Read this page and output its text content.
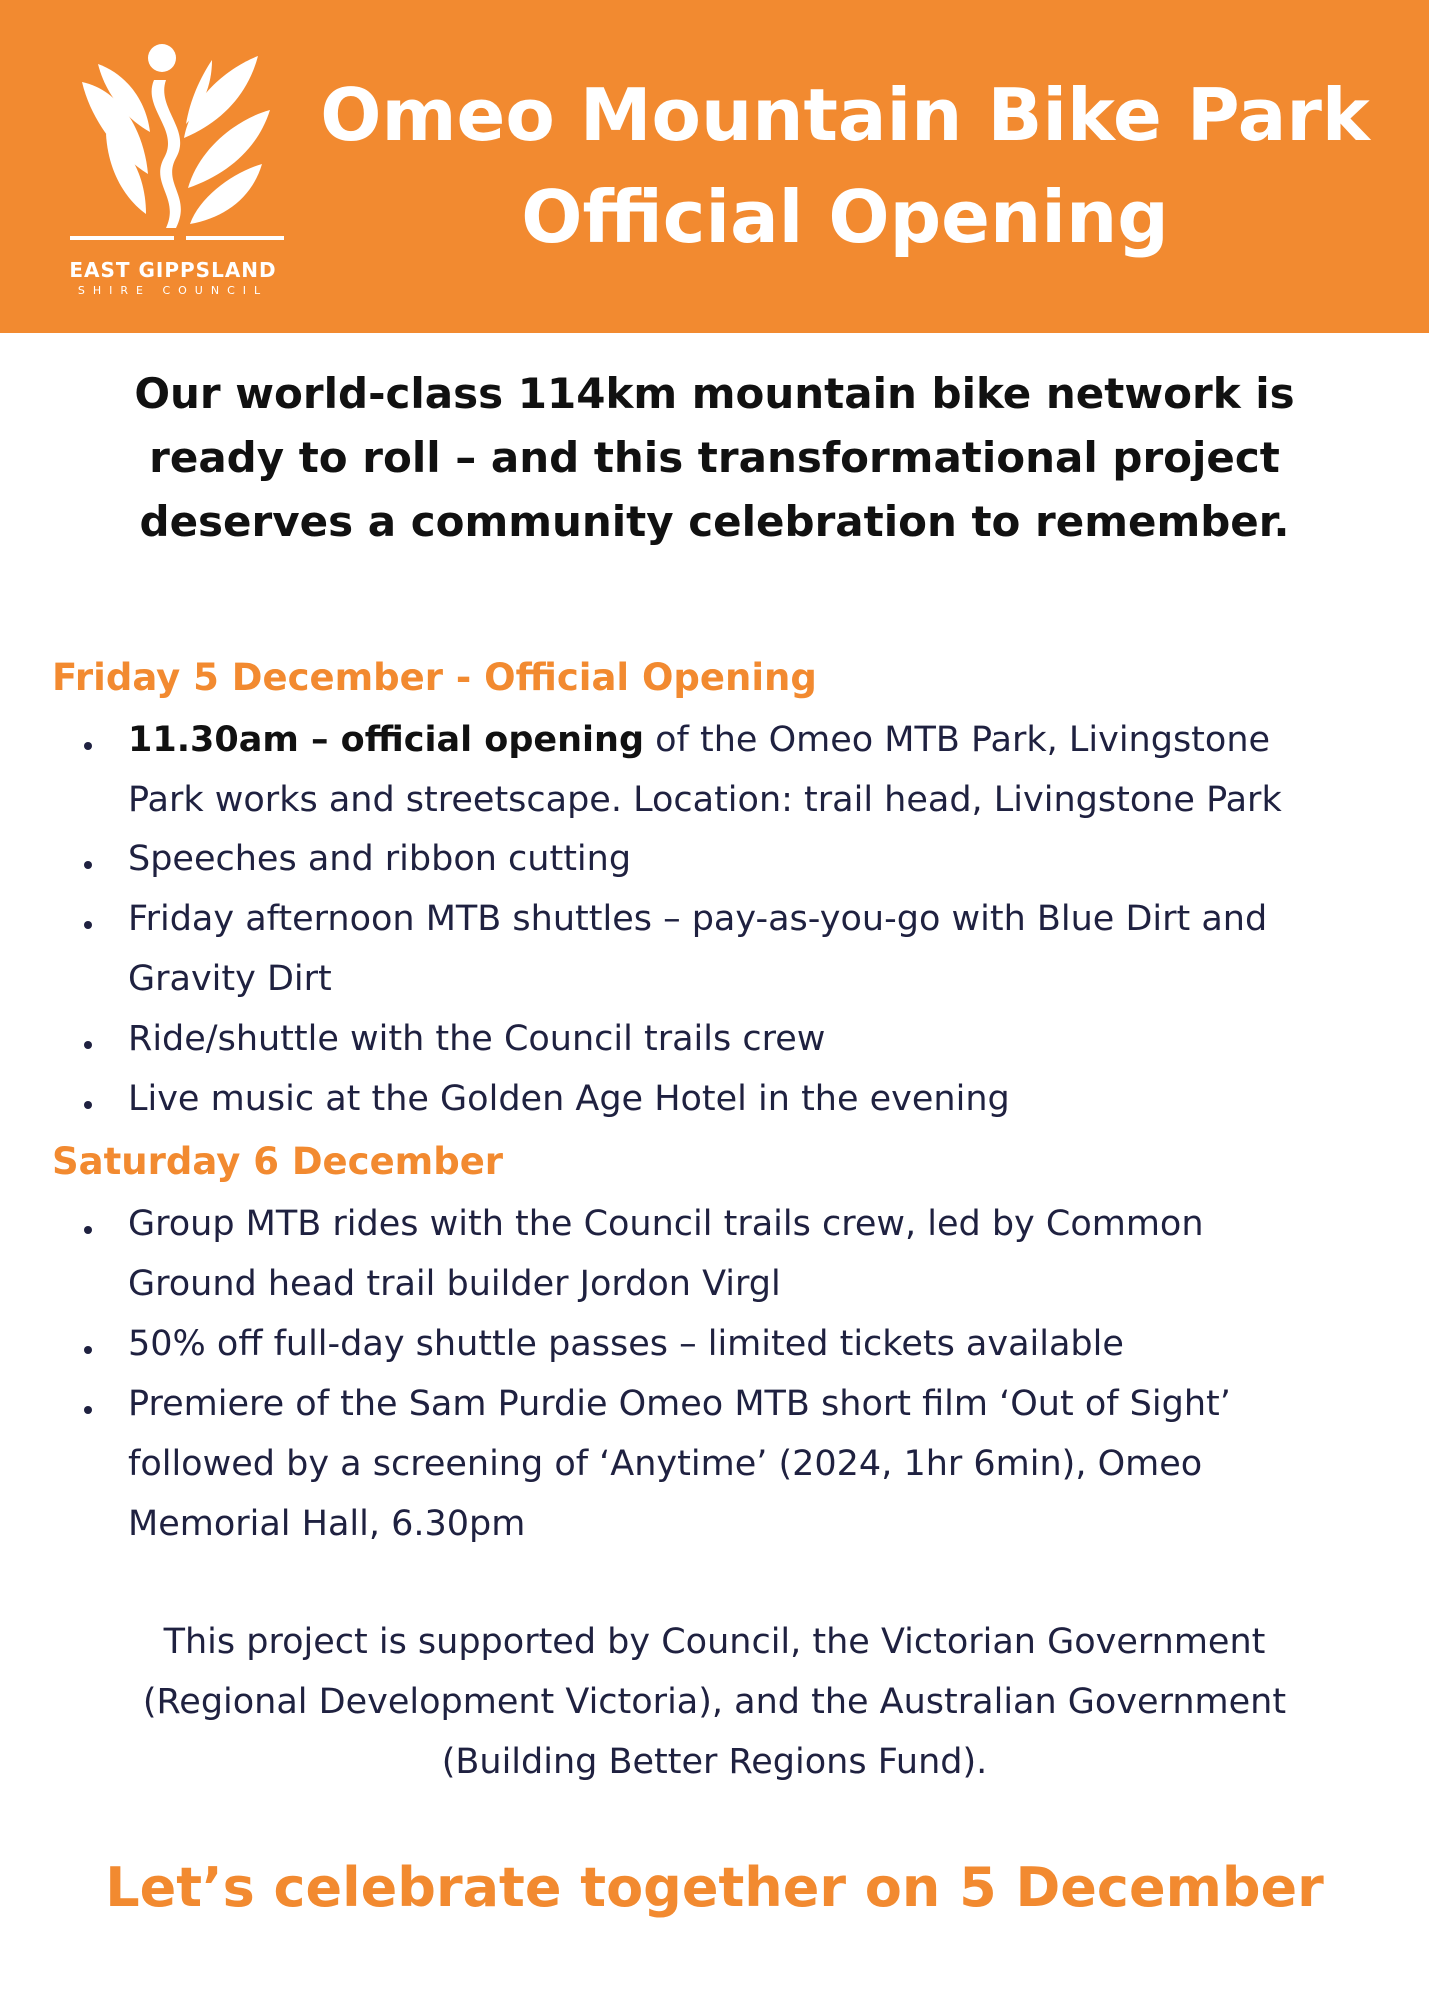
EAST GIPPSLAND
SHIRE COUNCIL
Omeo Mountain Bike Park
Official Opening
Our world-class 114km mountain bike network is
ready to roll – and this transformational project
deserves a community celebration to remember.
Friday 5 December - Official Opening
11.30am – official opening of the Omeo MTB Park, Livingstone
Park works and streetscape. Location: trail head, Livingstone Park
Speeches and ribbon cutting
Friday afternoon MTB shuttles – pay-as-you-go with Blue Dirt and
Gravity Dirt
Ride/shuttle with the Council trails crew
Live music at the Golden Age Hotel in the evening
Saturday 6 December
Group MTB rides with the Council trails crew, led by Common
Ground head trail builder Jordon Virgl
50% off full-day shuttle passes – limited tickets available
Premiere of the Sam Purdie Omeo MTB short film ‘Out of Sight’
followed by a screening of ‘Anytime’ (2024, 1hr 6min), Omeo
Memorial Hall, 6.30pm
This project is supported by Council, the Victorian Government
(Regional Development Victoria), and the Australian Government
(Building Better Regions Fund).
Let’s celebrate together on 5 December
